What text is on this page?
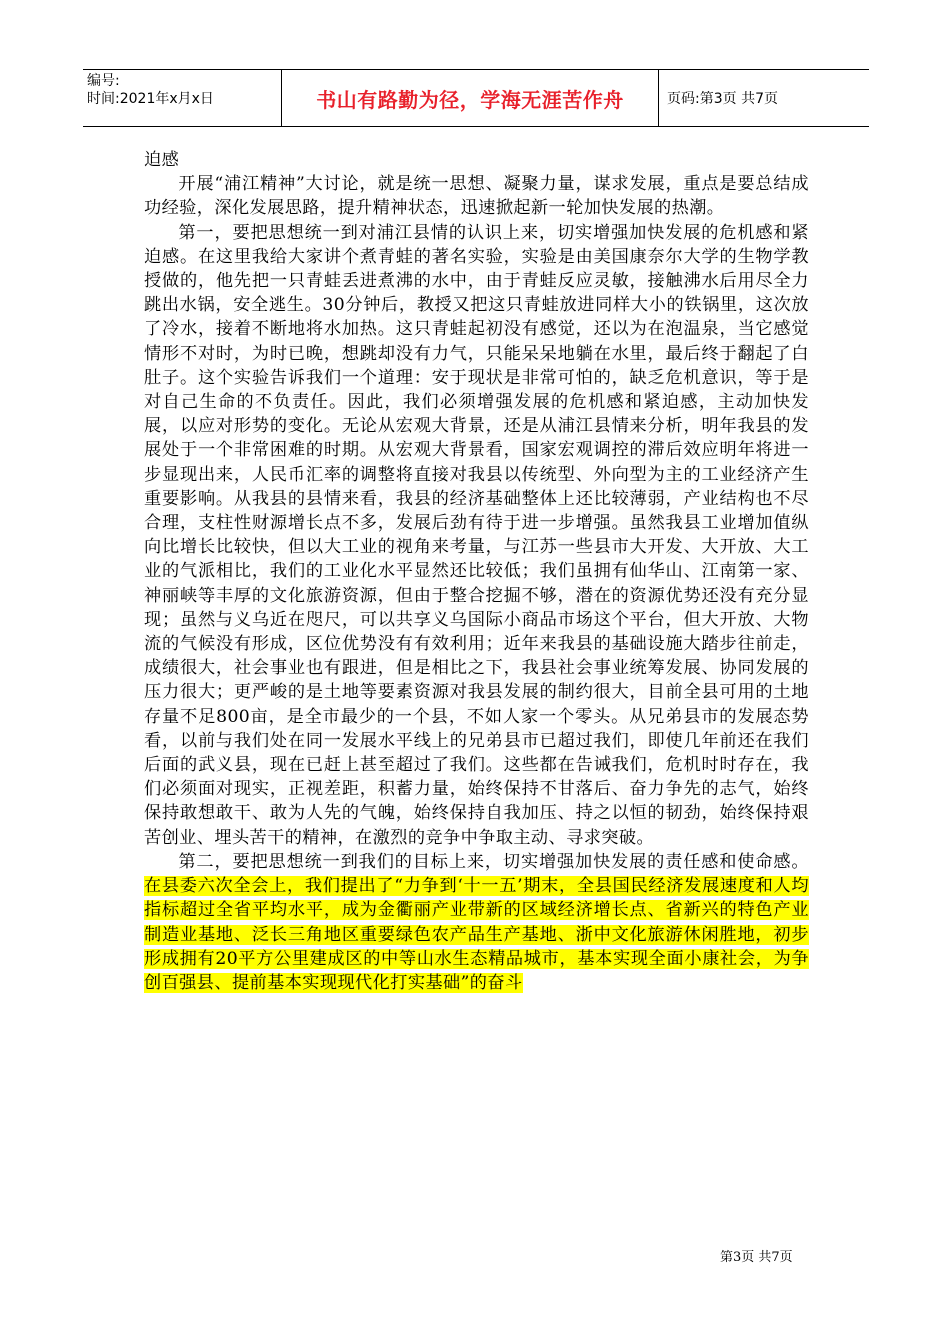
编号:
时间:2021年x月x日	书山有路勤为径，学海无涯苦作舟	页码:第3页 共7页

迫感

开展“浦江精神”大讨论，就是统一思想、凝聚力量，谋求发展，重点是要总结成功经验，深化发展思路，提升精神状态，迅速掀起新一轮加快发展的热潮。

第一，要把思想统一到对浦江县情的认识上来，切实增强加快发展的危机感和紧迫感。在这里我给大家讲个煮青蛙的著名实验，实验是由美国康奈尔大学的生物学教授做的，他先把一只青蛙丢进煮沸的水中，由于青蛙反应灵敏，接触沸水后用尽全力跳出水锅，安全逃生。30分钟后，教授又把这只青蛙放进同样大小的铁锅里，这次放了冷水，接着不断地将水加热。这只青蛙起初没有感觉，还以为在泡温泉，当它感觉情形不对时，为时已晚，想跳却没有力气，只能呆呆地躺在水里，最后终于翻起了白肚子。这个实验告诉我们一个道理：安于现状是非常可怕的，缺乏危机意识，等于是对自己生命的不负责任。因此，我们必须增强发展的危机感和紧迫感，主动加快发展，以应对形势的变化。无论从宏观大背景，还是从浦江县情来分析，明年我县的发展处于一个非常困难的时期。从宏观大背景看，国家宏观调控的滞后效应明年将进一步显现出来，人民币汇率的调整将直接对我县以传统型、外向型为主的工业经济产生重要影响。从我县的县情来看，我县的经济基础整体上还比较薄弱，产业结构也不尽合理，支柱性财源增长点不多，发展后劲有待于进一步增强。虽然我县工业增加值纵向比增长比较快，但以大工业的视角来考量，与江苏一些县市大开发、大开放、大工业的气派相比，我们的工业化水平显然还比较低；我们虽拥有仙华山、江南第一家、神丽峡等丰厚的文化旅游资源，但由于整合挖掘不够，潜在的资源优势还没有充分显现；虽然与义乌近在咫尺，可以共享义乌国际小商品市场这个平台，但大开放、大物流的气候没有形成，区位优势没有有效利用；近年来我县的基础设施大踏步往前走，成绩很大，社会事业也有跟进，但是相比之下，我县社会事业统筹发展、协同发展的压力很大；更严峻的是土地等要素资源对我县发展的制约很大，目前全县可用的土地存量不足800亩，是全市最少的一个县，不如人家一个零头。从兄弟县市的发展态势看，以前与我们处在同一发展水平线上的兄弟县市已超过我们，即使几年前还在我们后面的武义县，现在已赶上甚至超过了我们。这些都在告诫我们，危机时时存在，我们必须面对现实，正视差距，积蓄力量，始终保持不甘落后、奋力争先的志气，始终保持敢想敢干、敢为人先的气魄，始终保持自我加压、持之以恒的韧劲，始终保持艰苦创业、埋头苦干的精神，在激烈的竞争中争取主动、寻求突破。

第二，要把思想统一到我们的目标上来，切实增强加快发展的责任感和使命感。在县委六次全会上，我们提出了“力争到‘十一五’期末，全县国民经济发展速度和人均指标超过全省平均水平，成为金衢丽产业带新的区域经济增长点、省新兴的特色产业制造业基地、泛长三角地区重要绿色农产品生产基地、浙中文化旅游休闲胜地，初步形成拥有20平方公里建成区的中等山水生态精品城市，基本实现全面小康社会，为争创百强县、提前基本实现现代化打实基础”的奋斗

第3页 共7页
